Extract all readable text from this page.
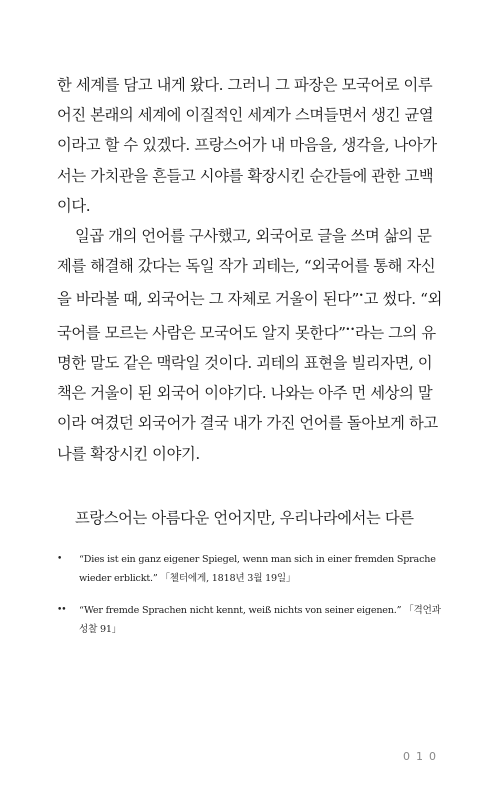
한 세계를 담고 내게 왔다. 그러니 그 파장은 모국어로 이루어진 본래의 세계에 이질적인 세계가 스며들면서 생긴 균열이라고 할 수 있겠다. 프랑스어가 내 마음을, 생각을, 나아가서는 가치관을 흔들고 시야를 확장시킨 순간들에 관한 고백이다.

일곱 개의 언어를 구사했고, 외국어로 글을 쓰며 삶의 문제를 해결해 갔다는 독일 작가 괴테는, “외국어를 통해 자신을 바라볼 때, 외국어는 그 자체로 거울이 된다”•고 썼다. “외국어를 모르는 사람은 모국어도 알지 못한다”••라는 그의 유명한 말도 같은 맥락일 것이다. 괴테의 표현을 빌리자면, 이 책은 거울이 된 외국어 이야기다. 나와는 아주 먼 세상의 말이라 여겼던 외국어가 결국 내가 가진 언어를 돌아보게 하고 나를 확장시킨 이야기.

프랑스어는 아름다운 언어지만, 우리나라에서는 다른

• “Dies ist ein ganz eigener Spiegel, wenn man sich in einer fremden Sprache wieder erblickt.” 「첼터에게, 1818년 3월 19일」
•• “Wer fremde Sprachen nicht kennt, weiß nichts von seiner eigenen.” 「격언과 성찰 91」
010
